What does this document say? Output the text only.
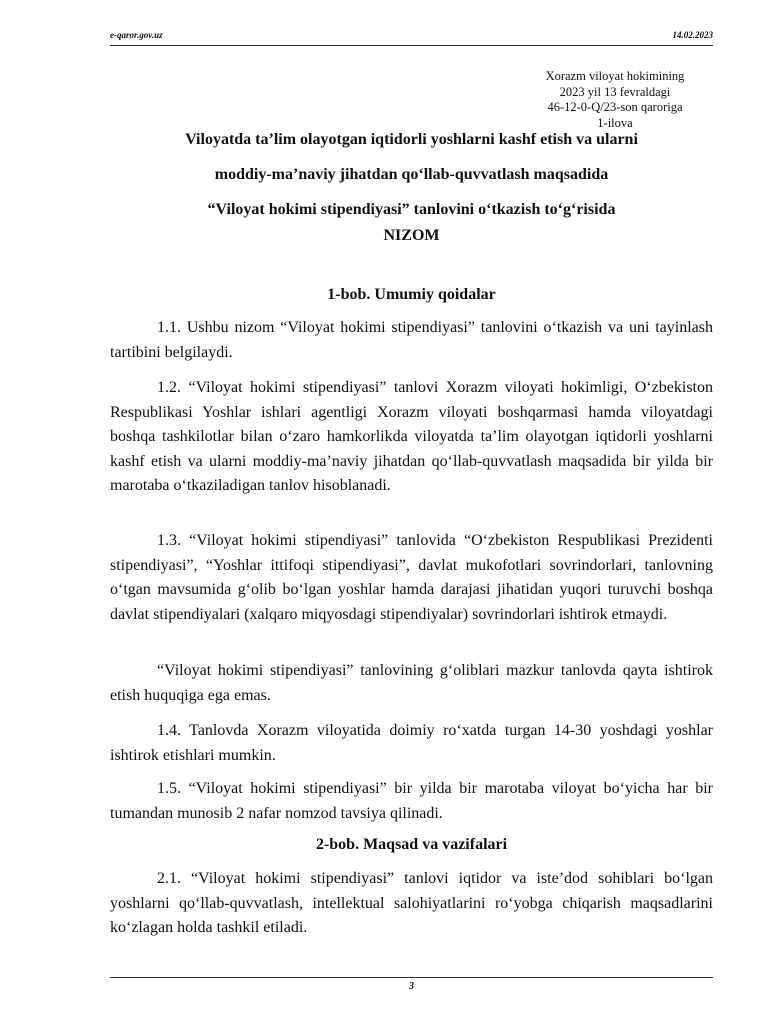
e-qaror.gov.uz	14.02.2023
Xorazm viloyat hokimining
2023 yil 13 fevraldagi
46-12-0-Q/23-son qaroriga
1-ilova
Viloyatda ta’lim olayotgan iqtidorli yoshlarni kashf etish va ularni
moddiy-ma’naviy jihatdan qo‘llab-quvvatlash maqsadida
“Viloyat hokimi stipendiyasi” tanlovini o‘tkazish to‘g‘risida
NIZOM
1-bob. Umumiy qoidalar

1.1. Ushbu nizom “Viloyat hokimi stipendiyasi” tanlovini o‘tkazish va uni tayinlash tartibini belgilaydi.

1.2. “Viloyat hokimi stipendiyasi” tanlovi Xorazm viloyati hokimligi, O‘zbekiston Respublikasi Yoshlar ishlari agentligi Xorazm viloyati boshqarmasi hamda viloyatdagi boshqa tashkilotlar bilan o‘zaro hamkorlikda viloyatda ta’lim olayotgan iqtidorli yoshlarni kashf etish va ularni moddiy-ma’naviy jihatdan qo‘llab-quvvatlash maqsadida bir yilda bir marotaba o‘tkaziladigan tanlov hisoblanadi.

1.3. “Viloyat hokimi stipendiyasi” tanlovida “O‘zbekiston Respublikasi Prezidenti stipendiyasi”, “Yoshlar ittifoqi stipendiyasi”, davlat mukofotlari sovrindorlari, tanlovning o‘tgan mavsumida g‘olib bo‘lgan yoshlar hamda darajasi jihatidan yuqori turuvchi boshqa davlat stipendiyalari (xalqaro miqyosdagi stipendiyalar) sovrindorlari ishtirok etmaydi.

“Viloyat hokimi stipendiyasi” tanlovining g‘oliblari mazkur tanlovda qayta ishtirok etish huquqiga ega emas.

1.4. Tanlovda Xorazm viloyatida doimiy ro‘xatda turgan 14-30 yoshdagi yoshlar ishtirok etishlari mumkin.

1.5. “Viloyat hokimi stipendiyasi” bir yilda bir marotaba viloyat bo‘yicha har bir tumandan munosib 2 nafar nomzod tavsiya qilinadi.

2-bob. Maqsad va vazifalari

2.1. “Viloyat hokimi stipendiyasi” tanlovi iqtidor va iste’dod sohiblari bo‘lgan yoshlarni qo‘llab-quvvatlash, intellektual salohiyatlarini ro‘yobga chiqarish maqsadlarini ko‘zlagan holda tashkil etiladi.

3
